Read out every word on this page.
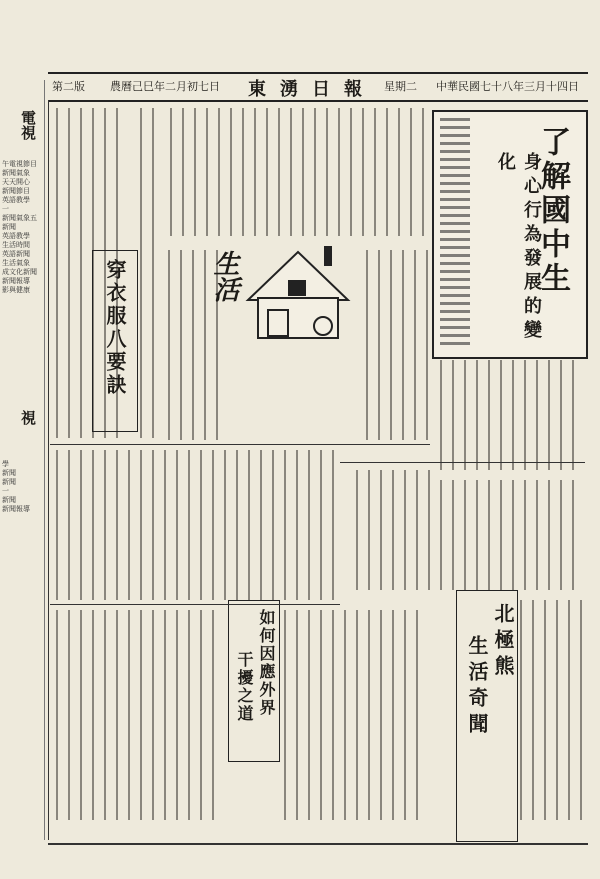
電視
午電視節目
新聞氣象
天天開心
新聞節目
英語教學
一
新聞氣象五
新聞
英語教學
生活時間
英語新聞
生活氣象
成文化新聞
新聞報導
影與健康
視
學
新聞
新聞
一
新聞
新聞報導
中華民國七十八年三月十四日
星期二
東湧日報
農曆己巳年二月初七日
第二版
了解國中生
身心行為發展的變化
生活
穿衣服八要訣
北極熊
生活奇聞
如何因應外界
干擾之道
